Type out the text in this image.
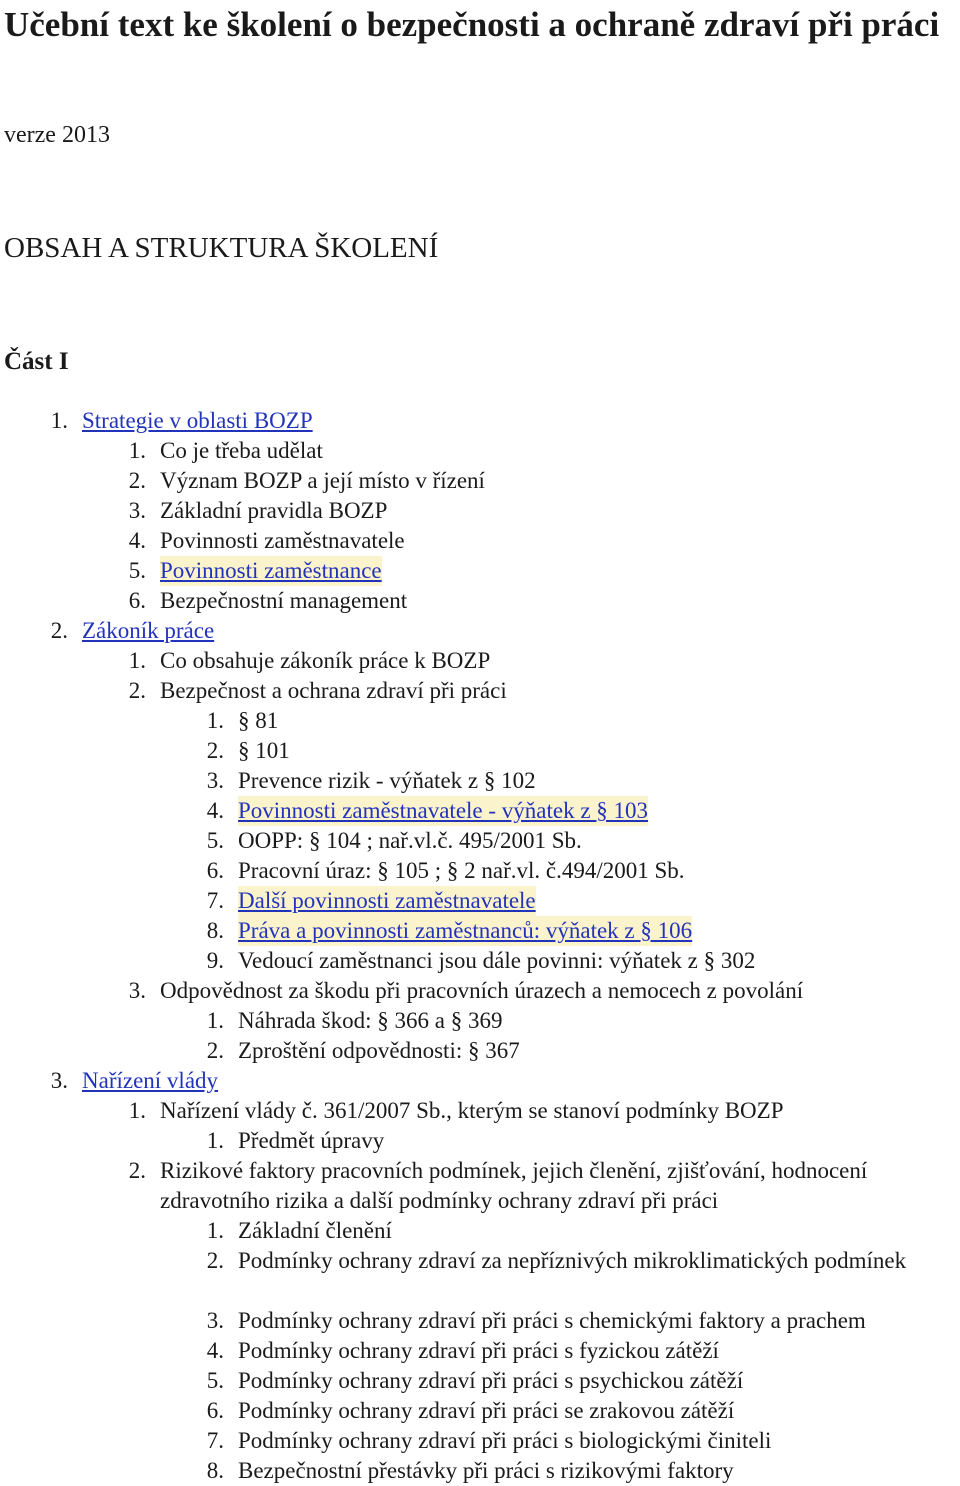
Učební text ke školení o bezpečnosti a ochraně zdraví při práci
verze 2013
OBSAH A STRUKTURA ŠKOLENÍ
Část I
1. Strategie v oblasti BOZP
1. Co je třeba udělat
2. Význam BOZP a její místo v řízení
3. Základní pravidla BOZP
4. Povinnosti zaměstnavatele
5. Povinnosti zaměstnance
6. Bezpečnostní management
2. Zákoník práce
1. Co obsahuje zákoník práce k BOZP
2. Bezpečnost a ochrana zdraví při práci
1. § 81
2. § 101
3. Prevence rizik - výňatek z § 102
4. Povinnosti zaměstnavatele - výňatek z § 103
5. OOPP: § 104 ; nař.vl.č. 495/2001 Sb.
6. Pracovní úraz: § 105 ; § 2 nař.vl. č.494/2001 Sb.
7. Další povinnosti zaměstnavatele
8. Práva a povinnosti zaměstnanců: výňatek z § 106
9. Vedoucí zaměstnanci jsou dále povinni: výňatek z § 302
3. Odpovědnost za škodu při pracovních úrazech a nemocech z povolání
1. Náhrada škod: § 366 a § 369
2. Zproštění odpovědnosti: § 367
3. Nařízení vlády
1. Nařízení vlády č. 361/2007 Sb., kterým se stanoví podmínky BOZP
1. Předmět úpravy
2. Rizikové faktory pracovních podmínek, jejich členění, zjišťování, hodnocení zdravotního rizika a další podmínky ochrany zdraví při práci
1. Základní členění
2. Podmínky ochrany zdraví za nepříznivých mikroklimatických podmínek
3. Podmínky ochrany zdraví při práci s chemickými faktory a prachem
4. Podmínky ochrany zdraví při práci s fyzickou zátěží
5. Podmínky ochrany zdraví při práci s psychickou zátěží
6. Podmínky ochrany zdraví při práci se zrakovou zátěží
7. Podmínky ochrany zdraví při práci s biologickými činiteli
8. Bezpečnostní přestávky při práci s rizikovými faktory
